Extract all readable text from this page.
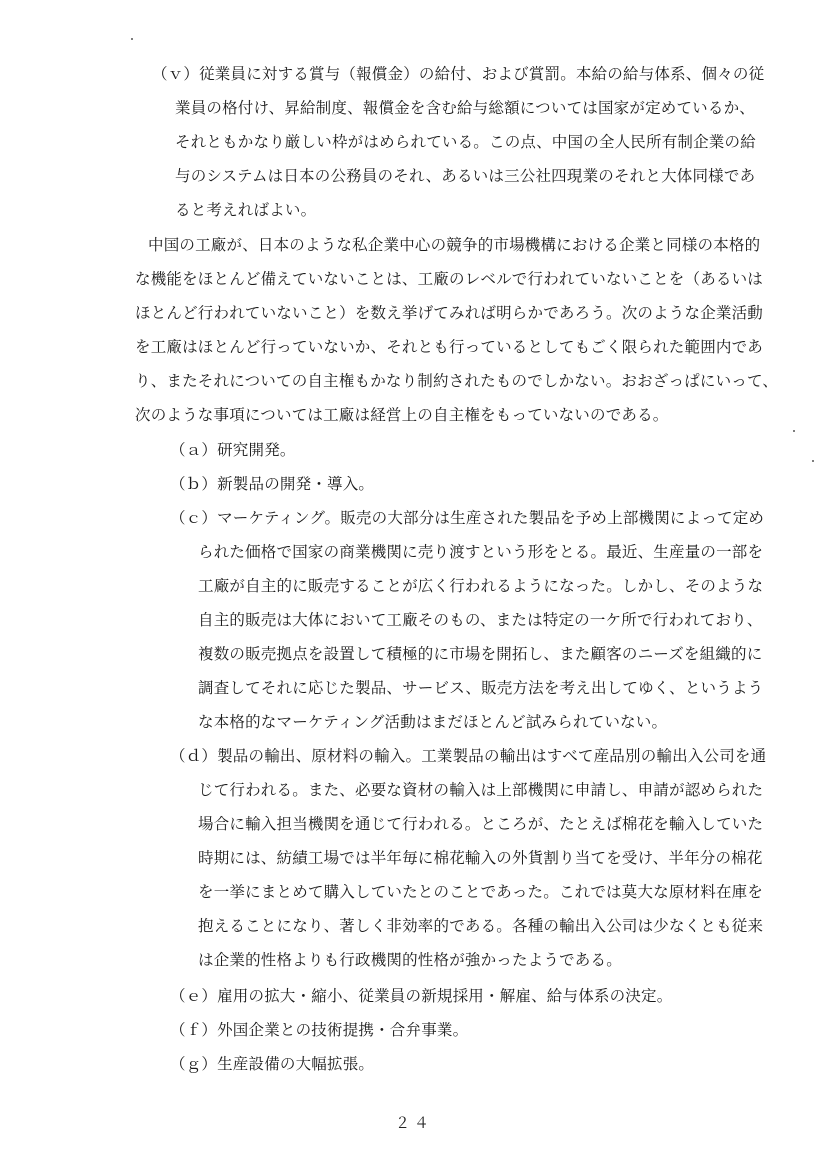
（ｖ）従業員に対する賞与（報償金）の給付、および賞罰。本給の給与体系、個々の従
業員の格付け、昇給制度、報償金を含む給与総額については国家が定めているか、
それともかなり厳しい枠がはめられている。この点、中国の全人民所有制企業の給
与のシステムは日本の公務員のそれ、あるいは三公社四現業のそれと大体同様であ
ると考えればよい。
中国の工廠が、日本のような私企業中心の競争的市場機構における企業と同様の本格的
な機能をほとんど備えていないことは、工廠のレベルで行われていないことを（あるいは
ほとんど行われていないこと）を数え挙げてみれば明らかであろう。次のような企業活動
を工廠はほとんど行っていないか、それとも行っているとしてもごく限られた範囲内であ
り、またそれについての自主権もかなり制約されたものでしかない。おおざっぱにいって、
次のような事項については工廠は経営上の自主権をもっていないのである。
（ａ）研究開発。
（ｂ）新製品の開発・導入。
（ｃ）マーケティング。販売の大部分は生産された製品を予め上部機関によって定め
られた価格で国家の商業機関に売り渡すという形をとる。最近、生産量の一部を
工廠が自主的に販売することが広く行われるようになった。しかし、そのような
自主的販売は大体において工廠そのもの、または特定の一ケ所で行われており、
複数の販売拠点を設置して積極的に市場を開拓し、また顧客のニーズを組織的に
調査してそれに応じた製品、サービス、販売方法を考え出してゆく、というよう
な本格的なマーケティング活動はまだほとんど試みられていない。
（ｄ）製品の輸出、原材料の輸入。工業製品の輸出はすべて産品別の輸出入公司を通
じて行われる。また、必要な資材の輸入は上部機関に申請し、申請が認められた
場合に輸入担当機関を通じて行われる。ところが、たとえば棉花を輸入していた
時期には、紡績工場では半年毎に棉花輸入の外貨割り当てを受け、半年分の棉花
を一挙にまとめて購入していたとのことであった。これでは莫大な原材料在庫を
抱えることになり、著しく非効率的である。各種の輸出入公司は少なくとも従来
は企業的性格よりも行政機関的性格が強かったようである。
（ｅ）雇用の拡大・縮小、従業員の新規採用・解雇、給与体系の決定。
（ｆ）外国企業との技術提携・合弁事業。
（ｇ）生産設備の大幅拡張。
２４
